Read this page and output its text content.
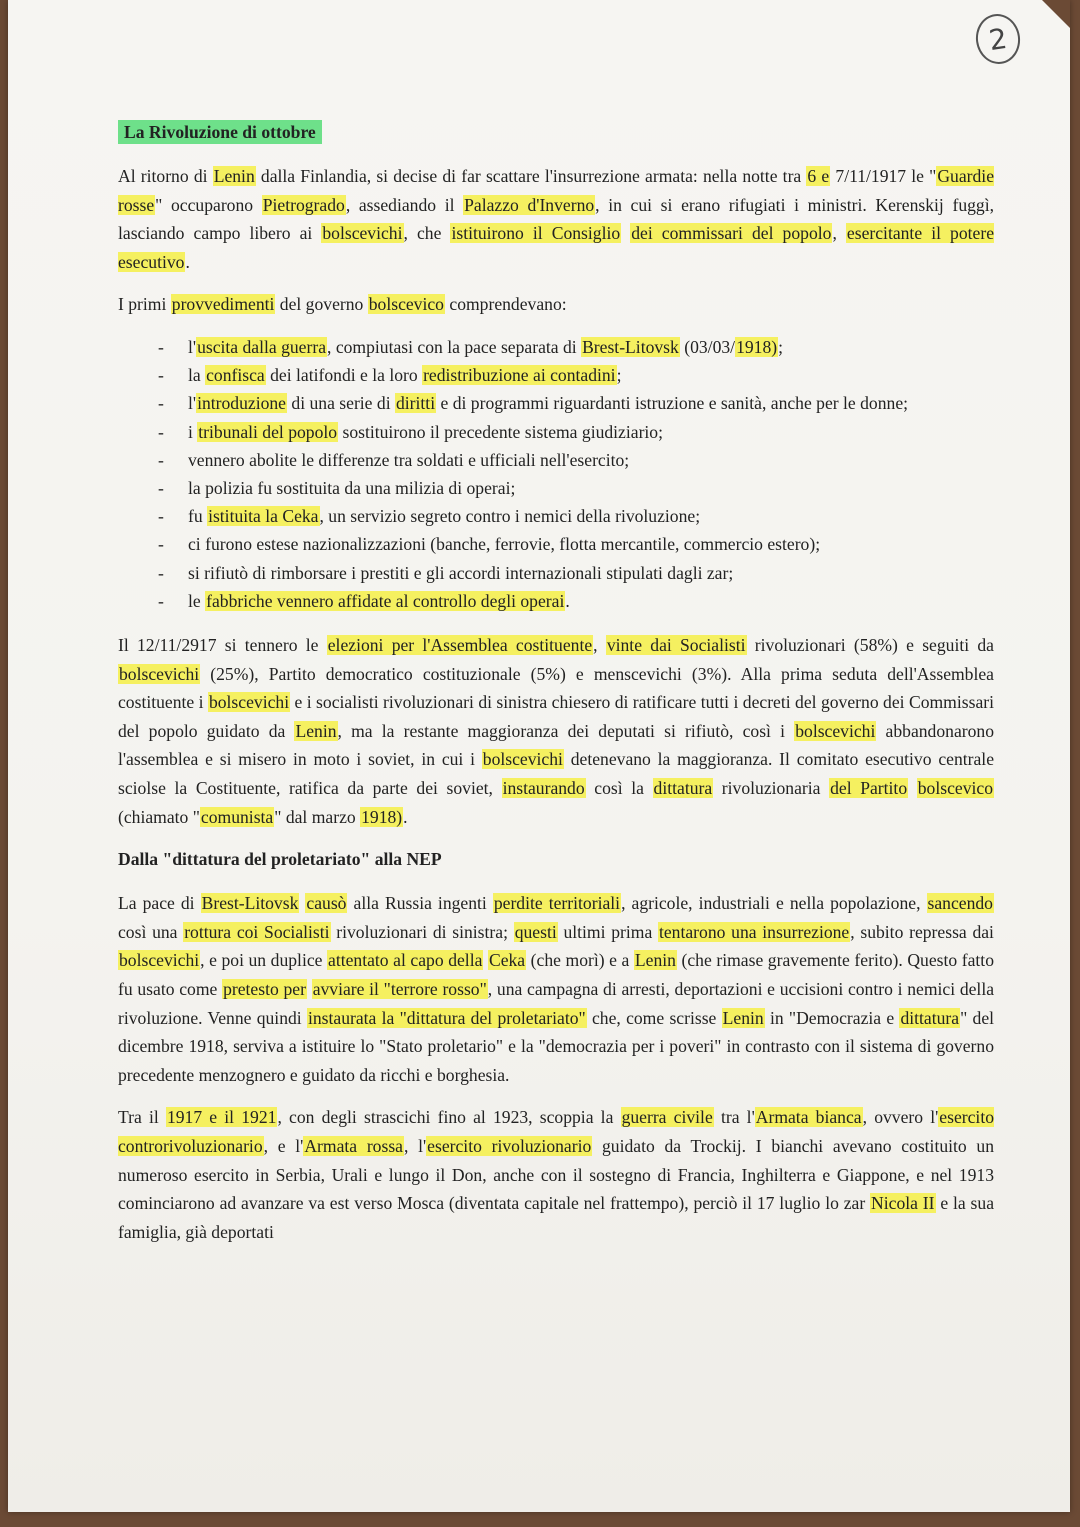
2
La Rivoluzione di ottobre

Al ritorno di Lenin dalla Finlandia, si decise di far scattare l'insurrezione armata: nella notte tra 6 e 7/11/1917 le "Guardie rosse" occuparono Pietrogrado, assediando il Palazzo d'Inverno, in cui si erano rifugiati i ministri. Kerenskij fuggì, lasciando campo libero ai bolscevichi, che istituirono il Consiglio dei commissari del popolo, esercitante il potere esecutivo.

I primi provvedimenti del governo bolscevico comprendevano:

- l'uscita dalla guerra, compiutasi con la pace separata di Brest-Litovsk (03/03/1918);
- la confisca dei latifondi e la loro redistribuzione ai contadini;
- l'introduzione di una serie di diritti e di programmi riguardanti istruzione e sanità, anche per le donne;
- i tribunali del popolo sostituirono il precedente sistema giudiziario;
- vennero abolite le differenze tra soldati e ufficiali nell'esercito;
- la polizia fu sostituita da una milizia di operai;
- fu istituita la Ceka, un servizio segreto contro i nemici della rivoluzione;
- ci furono estese nazionalizzazioni (banche, ferrovie, flotta mercantile, commercio estero);
- si rifiutò di rimborsare i prestiti e gli accordi internazionali stipulati dagli zar;
- le fabbriche vennero affidate al controllo degli operai.

Il 12/11/2917 si tennero le elezioni per l'Assemblea costituente, vinte dai Socialisti rivoluzionari (58%) e seguiti da bolscevichi (25%), Partito democratico costituzionale (5%) e menscevichi (3%). Alla prima seduta dell'Assemblea costituente i bolscevichi e i socialisti rivoluzionari di sinistra chiesero di ratificare tutti i decreti del governo dei Commissari del popolo guidato da Lenin, ma la restante maggioranza dei deputati si rifiutò, così i bolscevichi abbandonarono l'assemblea e si misero in moto i soviet, in cui i bolscevichi detenevano la maggioranza. Il comitato esecutivo centrale sciolse la Costituente, ratifica da parte dei soviet, instaurando così la dittatura rivoluzionaria del Partito bolscevico (chiamato "comunista" dal marzo 1918).

Dalla "dittatura del proletariato" alla NEP

La pace di Brest-Litovsk causò alla Russia ingenti perdite territoriali, agricole, industriali e nella popolazione, sancendo così una rottura coi Socialisti rivoluzionari di sinistra; questi ultimi prima tentarono una insurrezione, subito repressa dai bolscevichi, e poi un duplice attentato al capo della Ceka (che morì) e a Lenin (che rimase gravemente ferito). Questo fatto fu usato come pretesto per avviare il "terrore rosso", una campagna di arresti, deportazioni e uccisioni contro i nemici della rivoluzione. Venne quindi instaurata la "dittatura del proletariato" che, come scrisse Lenin in "Democrazia e dittatura" del dicembre 1918, serviva a istituire lo "Stato proletario" e la "democrazia per i poveri" in contrasto con il sistema di governo precedente menzognero e guidato da ricchi e borghesia.

Tra il 1917 e il 1921, con degli strascichi fino al 1923, scoppia la guerra civile tra l'Armata bianca, ovvero l'esercito controrivoluzionario, e l'Armata rossa, l'esercito rivoluzionario guidato da Trockij. I bianchi avevano costituito un numeroso esercito in Serbia, Urali e lungo il Don, anche con il sostegno di Francia, Inghilterra e Giappone, e nel 1913 cominciarono ad avanzare va est verso Mosca (diventata capitale nel frattempo), perciò il 17 luglio lo zar Nicola II e la sua famiglia, già deportati
